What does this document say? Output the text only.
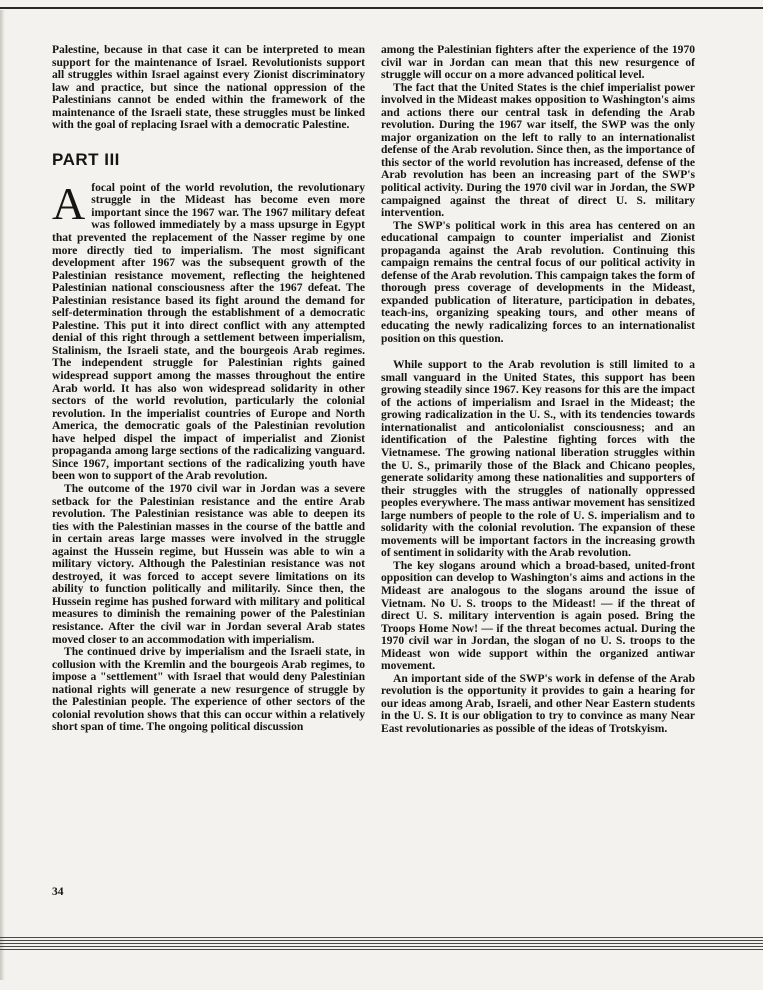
Palestine, because in that case it can be interpreted to mean support for the maintenance of Israel. Revolutionists support all struggles within Israel against every Zionist discriminatory law and practice, but since the national oppression of the Palestinians cannot be ended within the framework of the maintenance of the Israeli state, these struggles must be linked with the goal of replacing Israel with a democratic Palestine.

PART III

Afocal point of the world revolution, the revolutionary struggle in the Mideast has become even more important since the 1967 war. The 1967 military defeat was followed immediately by a mass upsurge in Egypt that prevented the replacement of the Nasser regime by one more directly tied to imperialism. The most significant development after 1967 was the subsequent growth of the Palestinian resistance movement, reflecting the heightened Palestinian national consciousness after the 1967 defeat. The Palestinian resistance based its fight around the demand for self-determination through the establishment of a democratic Palestine. This put it into direct conflict with any attempted denial of this right through a settlement between imperialism, Stalinism, the Israeli state, and the bourgeois Arab regimes. The independent struggle for Palestinian rights gained widespread support among the masses throughout the entire Arab world. It has also won widespread solidarity in other sectors of the world revolution, particularly the colonial revolution. In the imperialist countries of Europe and North America, the democratic goals of the Palestinian revolution have helped dispel the impact of imperialist and Zionist propaganda among large sections of the radicalizing vanguard. Since 1967, important sections of the radicalizing youth have been won to support of the Arab revolution.

The outcome of the 1970 civil war in Jordan was a severe setback for the Palestinian resistance and the entire Arab revolution. The Palestinian resistance was able to deepen its ties with the Palestinian masses in the course of the battle and in certain areas large masses were involved in the struggle against the Hussein regime, but Hussein was able to win a military victory. Although the Palestinian resistance was not destroyed, it was forced to accept severe limitations on its ability to function politically and militarily. Since then, the Hussein regime has pushed forward with military and political measures to diminish the remaining power of the Palestinian resistance. After the civil war in Jordan several Arab states moved closer to an accommodation with imperialism.

The continued drive by imperialism and the Israeli state, in collusion with the Kremlin and the bourgeois Arab regimes, to impose a "settlement" with Israel that would deny Palestinian national rights will generate a new resurgence of struggle by the Palestinian people. The experience of other sectors of the colonial revolution shows that this can occur within a relatively short span of time. The ongoing political discussion

among the Palestinian fighters after the experience of the 1970 civil war in Jordan can mean that this new resurgence of struggle will occur on a more advanced political level.

The fact that the United States is the chief imperialist power involved in the Mideast makes opposition to Washington's aims and actions there our central task in defending the Arab revolution. During the 1967 war itself, the SWP was the only major organization on the left to rally to an internationalist defense of the Arab revolution. Since then, as the importance of this sector of the world revolution has increased, defense of the Arab revolution has been an increasing part of the SWP's political activity. During the 1970 civil war in Jordan, the SWP campaigned against the threat of direct U. S. military intervention.

The SWP's political work in this area has centered on an educational campaign to counter imperialist and Zionist propaganda against the Arab revolution. Continuing this campaign remains the central focus of our political activity in defense of the Arab revolution. This campaign takes the form of thorough press coverage of developments in the Mideast, expanded publication of literature, participation in debates, teach-ins, organizing speaking tours, and other means of educating the newly radicalizing forces to an internationalist position on this question.

While support to the Arab revolution is still limited to a small vanguard in the United States, this support has been growing steadily since 1967. Key reasons for this are the impact of the actions of imperialism and Israel in the Mideast; the growing radicalization in the U. S., with its tendencies towards internationalist and anticolonialist consciousness; and an identification of the Palestine fighting forces with the Vietnamese. The growing national liberation struggles within the U. S., primarily those of the Black and Chicano peoples, generate solidarity among these nationalities and supporters of their struggles with the struggles of nationally oppressed peoples everywhere. The mass antiwar movement has sensitized large numbers of people to the role of U. S. imperialism and to solidarity with the colonial revolution. The expansion of these movements will be important factors in the increasing growth of sentiment in solidarity with the Arab revolution.

The key slogans around which a broad-based, united-front opposition can develop to Washington's aims and actions in the Mideast are analogous to the slogans around the issue of Vietnam. No U. S. troops to the Mideast! — if the threat of direct U. S. military intervention is again posed. Bring the Troops Home Now! — if the threat becomes actual. During the 1970 civil war in Jordan, the slogan of no U. S. troops to the Mideast won wide support within the organized antiwar movement.

An important side of the SWP's work in defense of the Arab revolution is the opportunity it provides to gain a hearing for our ideas among Arab, Israeli, and other Near Eastern students in the U. S. It is our obligation to try to convince as many Near East revolutionaries as possible of the ideas of Trotskyism.

34
